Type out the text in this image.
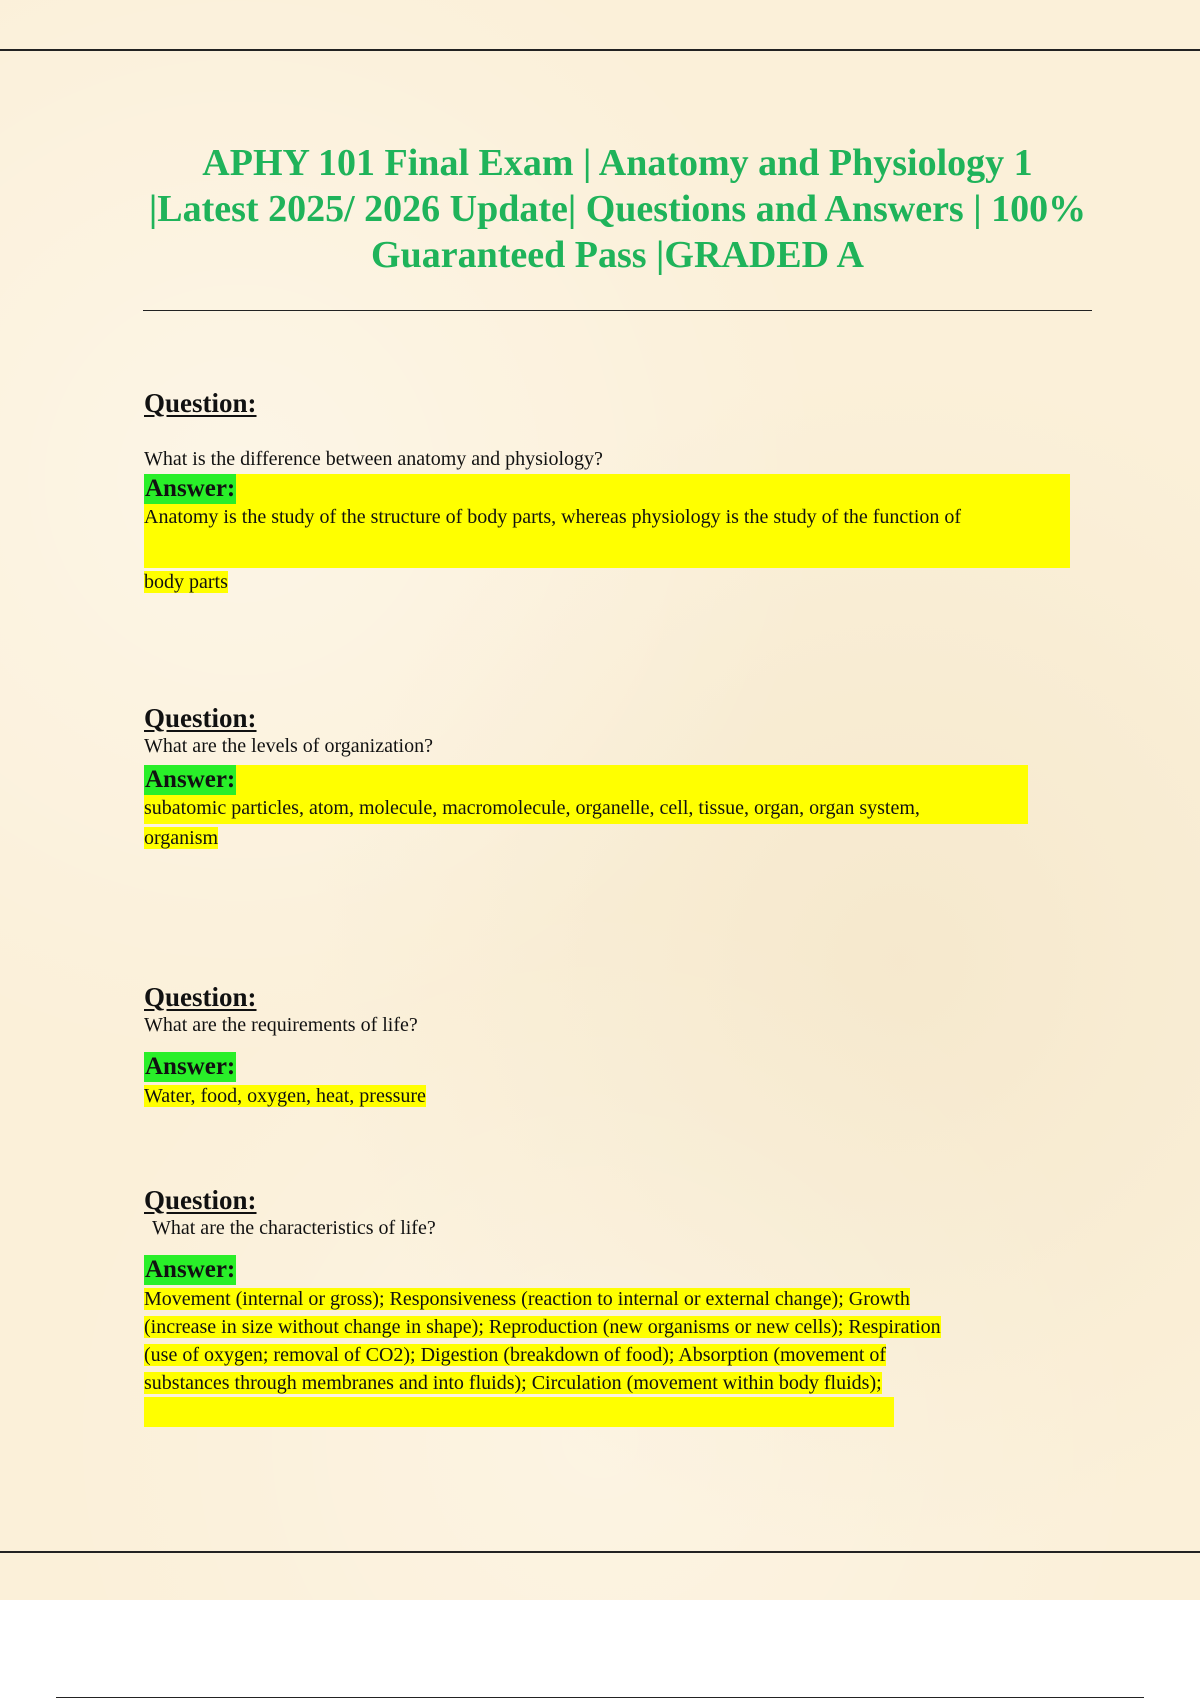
APHY 101 Final Exam | Anatomy and Physiology 1 |Latest 2025/ 2026 Update| Questions and Answers | 100% Guaranteed Pass |GRADED A
Question:
What is the difference between anatomy and physiology?
Answer:
Anatomy is the study of the structure of body parts, whereas physiology is the study of the function of
body parts
Question:
What are the levels of organization?
Answer:
subatomic particles, atom, molecule, macromolecule, organelle, cell, tissue, organ, organ system,
organism
Question:
What are the requirements of life?
Answer:
Water, food, oxygen, heat, pressure
Question:
What are the characteristics of life?
Answer:
Movement (internal or gross); Responsiveness (reaction to internal or external change); Growth
(increase in size without change in shape); Reproduction (new organisms or new cells); Respiration
(use of oxygen; removal of CO2); Digestion (breakdown of food); Absorption (movement of
substances through membranes and into fluids); Circulation (movement within body fluids);
